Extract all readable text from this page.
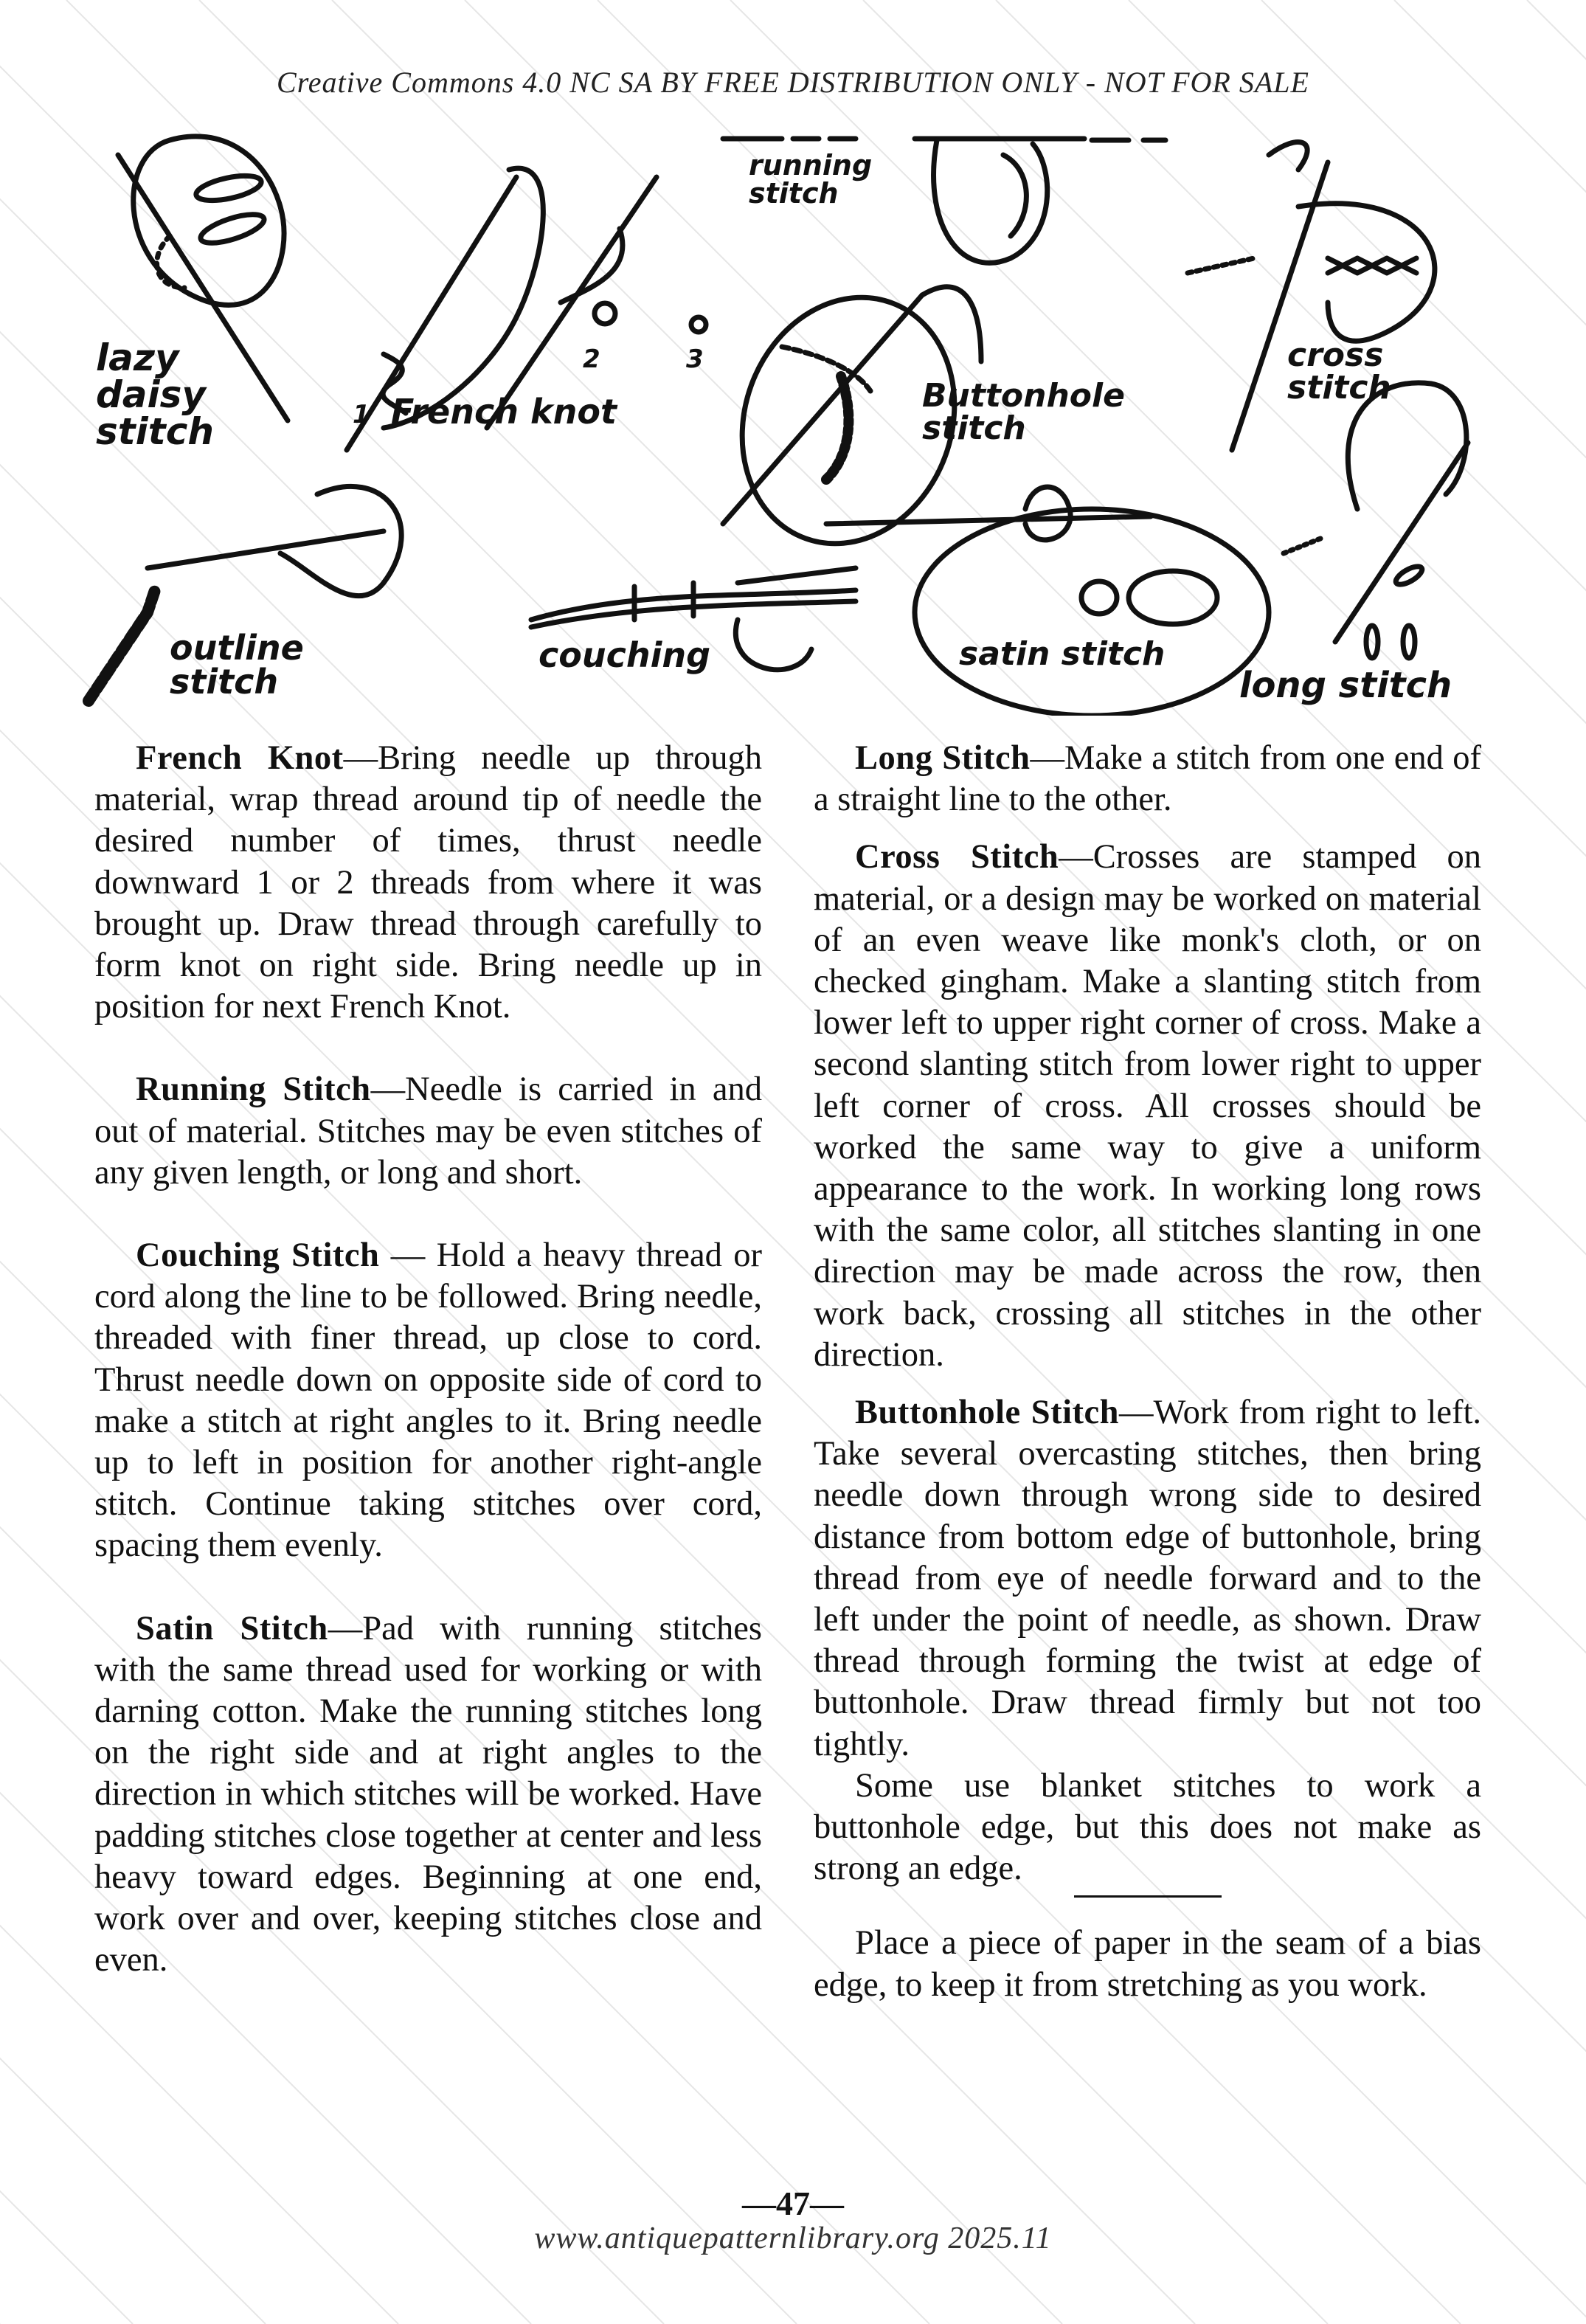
Creative Commons 4.0 NC SA BY FREE DISTRIBUTION ONLY - NOT FOR SALE
lazy
daisy
stitch	French knot
1
2	3
running
stitch
Buttonhole
stitch
cross
stitch
outline
stitch
couching	satin stitch
long stitch

French Knot—Bring needle up through material, wrap thread around tip of needle the desired number of times, thrust needle downward 1 or 2 threads from where it was brought up. Draw thread through carefully to form knot on right side. Bring needle up in position for next French Knot.

Running Stitch—Needle is carried in and out of material. Stitches may be even stitches of any given length, or long and short.

Couching Stitch — Hold a heavy thread or cord along the line to be followed. Bring needle, threaded with finer thread, up close to cord. Thrust needle down on opposite side of cord to make a stitch at right angles to it. Bring needle up to left in position for another right-angle stitch. Continue taking stitches over cord, spacing them evenly.

Satin Stitch—Pad with running stitches with the same thread used for working or with darning cotton. Make the running stitches long on the right side and at right angles to the direction in which stitches will be worked. Have padding stitches close together at center and less heavy toward edges. Beginning at one end, work over and over, keeping stitches close and even.

Long Stitch—Make a stitch from one end of a straight line to the other.

Cross Stitch—Crosses are stamped on material, or a design may be worked on material of an even weave like monk's cloth, or on checked gingham. Make a slanting stitch from lower left to upper right corner of cross. Make a second slanting stitch from lower right to upper left corner of cross. All crosses should be worked the same way to give a uniform appearance to the work. In working long rows with the same color, all stitches slanting in one direction may be made across the row, then work back, crossing all stitches in the other direction.

Buttonhole Stitch—Work from right to left. Take several overcasting stitches, then bring needle down through wrong side to desired distance from bottom edge of buttonhole, bring thread from eye of needle forward and to the left under the point of needle, as shown. Draw thread through forming the twist at edge of buttonhole. Draw thread firmly but not too tightly.

Some use blanket stitches to work a buttonhole edge, but this does not make as strong an edge.

Place a piece of paper in the seam of a bias edge, to keep it from stretching as you work.

—47—
www.antiquepatternlibrary.org 2025.11
